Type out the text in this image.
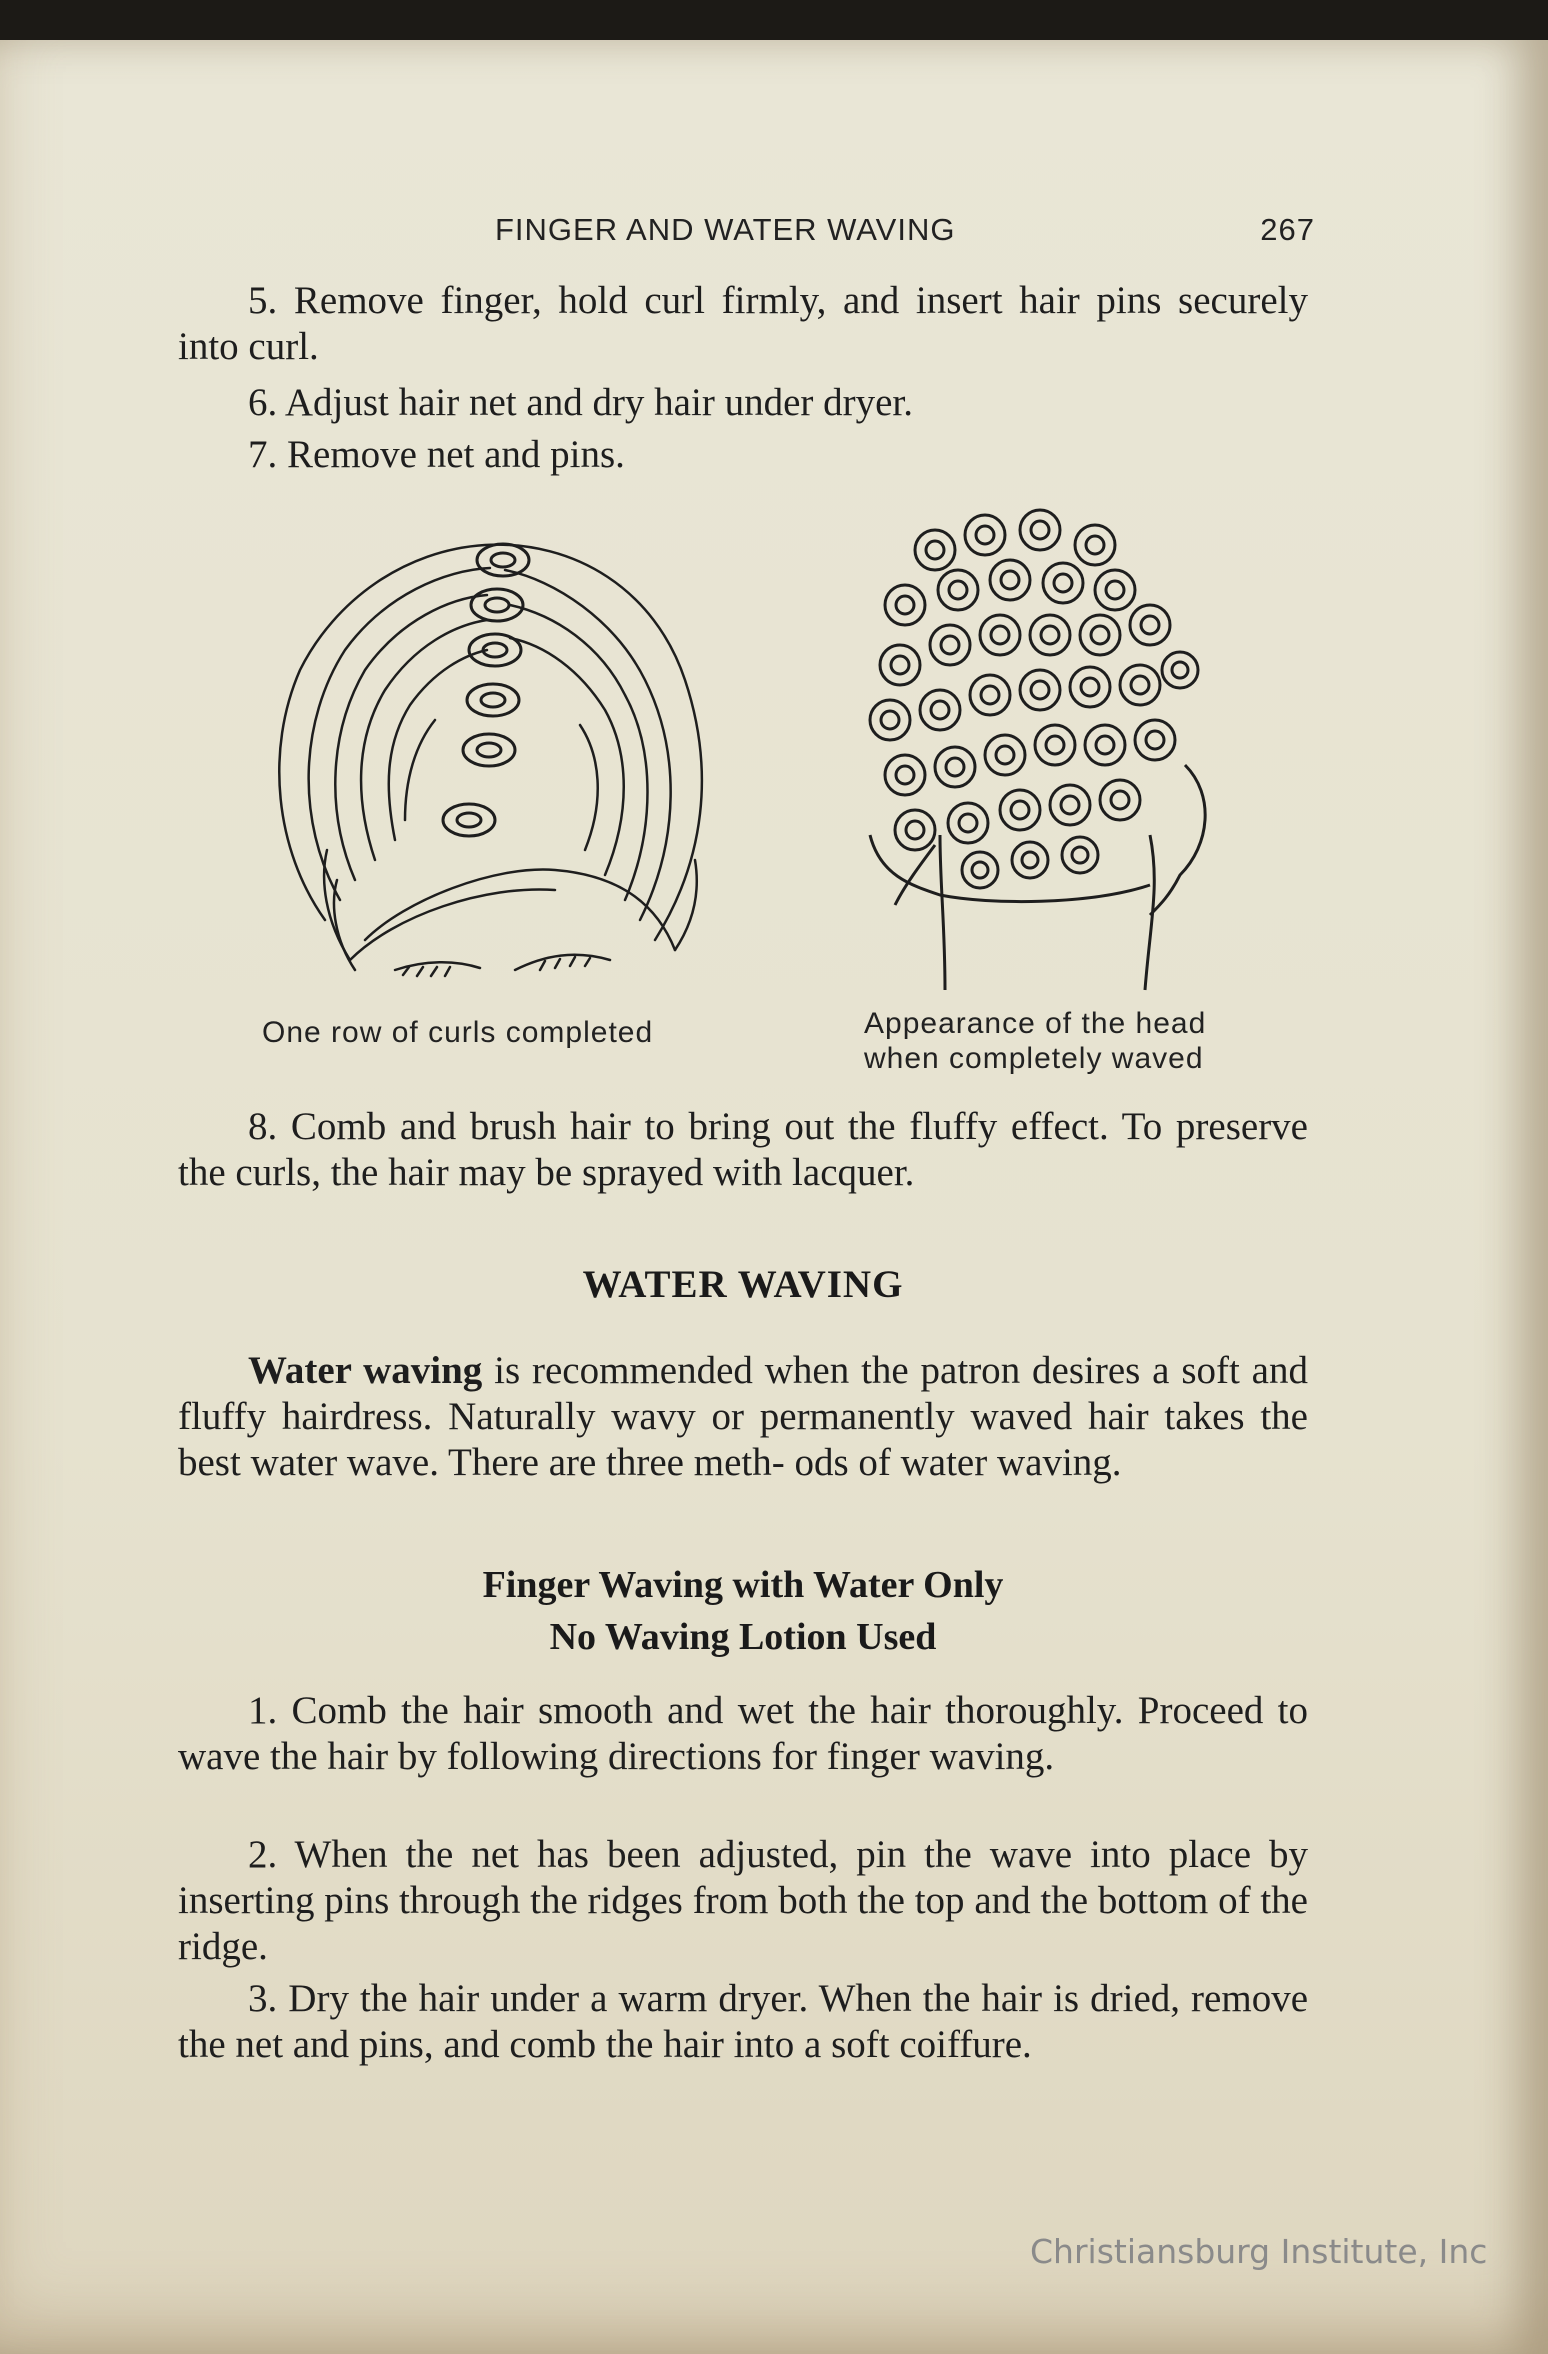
FINGER AND WATER WAVING	267
5. Remove finger, hold curl firmly, and insert hair pins securely into curl.
6. Adjust hair net and dry hair under dryer.
7. Remove net and pins.
One row of curls completed	Appearance of the head
when completely waved
8. Comb and brush hair to bring out the fluffy effect. To preserve the curls, the hair may be sprayed with lacquer.
WATER WAVING
Water waving is recommended when the patron desires a soft and fluffy hairdress. Naturally wavy or permanently waved hair takes the best water wave. There are three meth- ods of water waving.
Finger Waving with Water Only
No Waving Lotion Used
1. Comb the hair smooth and wet the hair thoroughly. Proceed to wave the hair by following directions for finger waving.
2. When the net has been adjusted, pin the wave into place by inserting pins through the ridges from both the top and the bottom of the ridge.
3. Dry the hair under a warm dryer. When the hair is dried, remove the net and pins, and comb the hair into a soft coiffure.
Christiansburg Institute, Inc
